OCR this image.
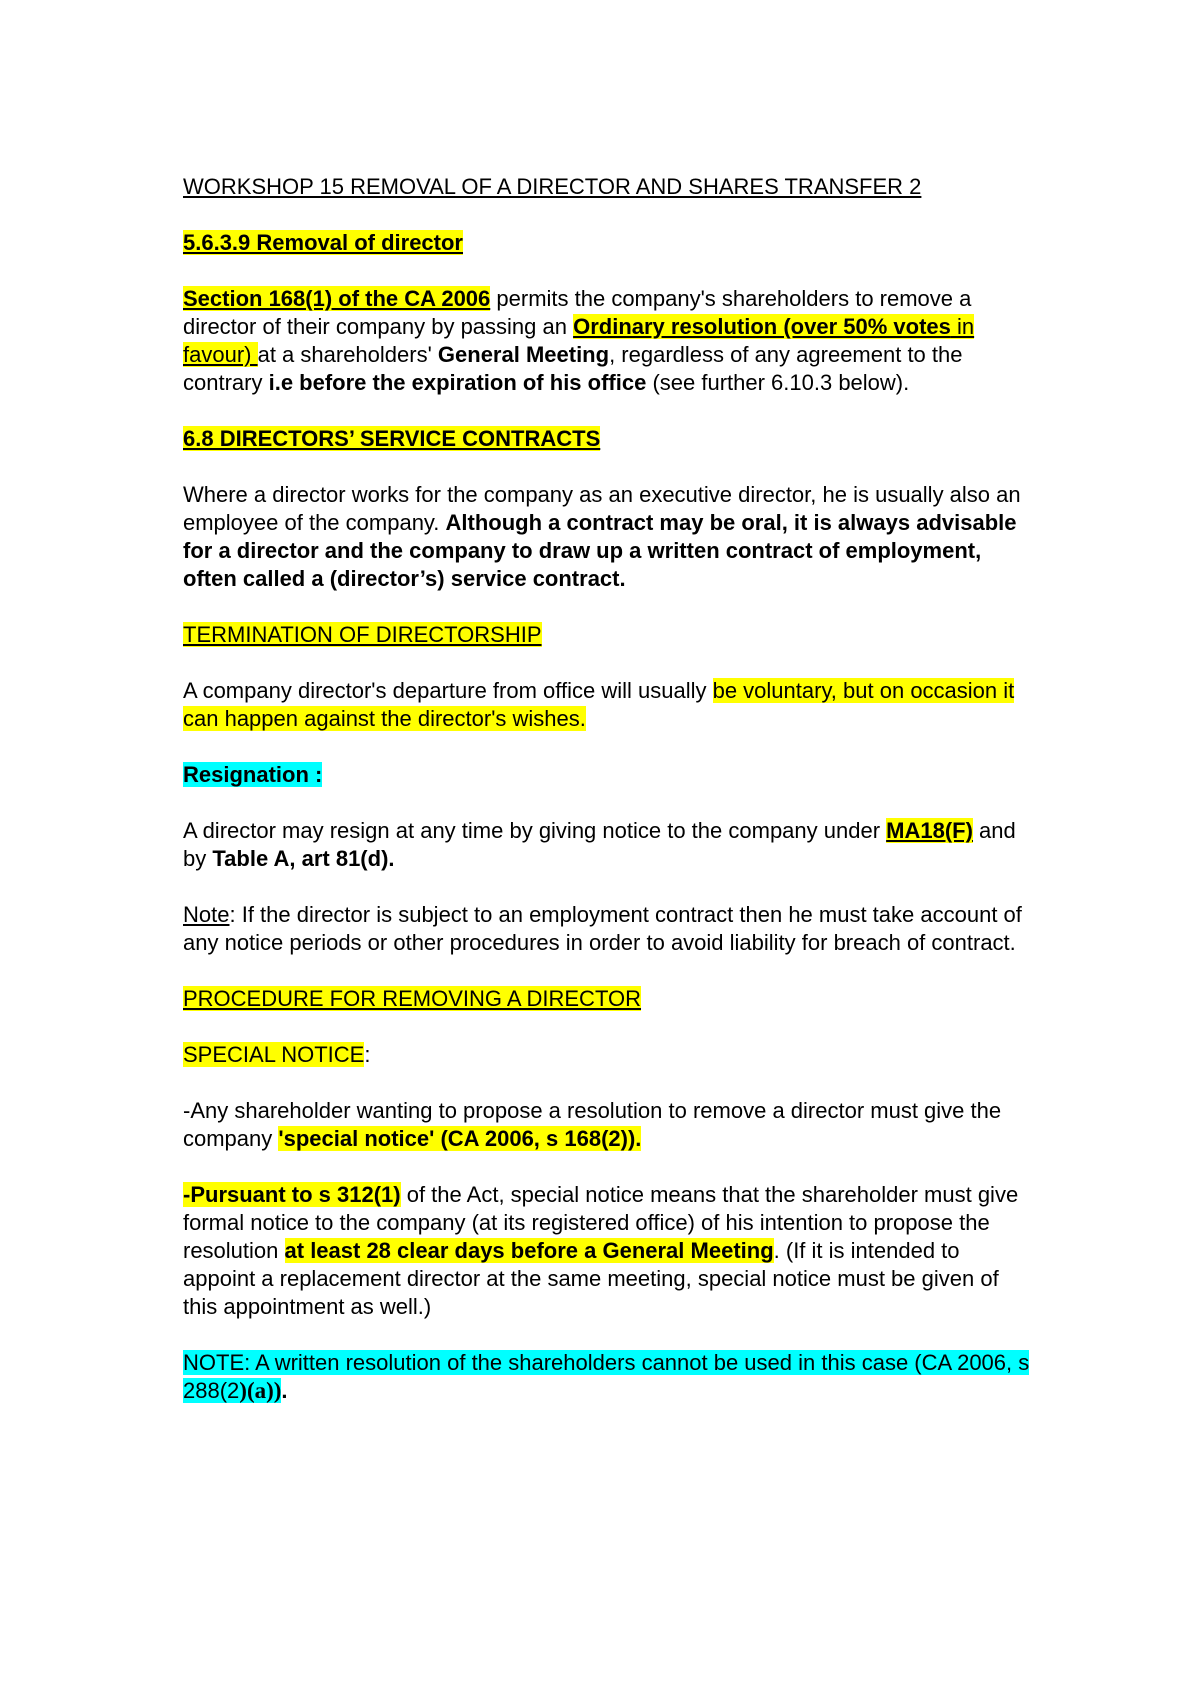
WORKSHOP 15 REMOVAL OF A DIRECTOR AND SHARES TRANSFER 2

5.6.3.9 Removal of director

Section 168(1) of the CA 2006 permits the company's shareholders to remove a director of their company by passing an Ordinary resolution (over 50% votes in favour) at a shareholders' General Meeting, regardless of any agreement to the contrary i.e before the expiration of his office (see further 6.10.3 below).

6.8 DIRECTORS’ SERVICE CONTRACTS

Where a director works for the company as an executive director, he is usually also an employee of the company. Although a contract may be oral, it is always advisable for a director and the company to draw up a written contract of employment, often called a (director’s) service contract.

TERMINATION OF DIRECTORSHIP

A company director's departure from office will usually be voluntary, but on occasion it can happen against the director's wishes.

Resignation :

A director may resign at any time by giving notice to the company under MA18(F) and by Table A, art 81(d).

Note: If the director is subject to an employment contract then he must take account of any notice periods or other procedures in order to avoid liability for breach of contract.

PROCEDURE FOR REMOVING A DIRECTOR

SPECIAL NOTICE:

-Any shareholder wanting to propose a resolution to remove a director must give the company 'special notice' (CA 2006, s 168(2)).

-Pursuant to s 312(1) of the Act, special notice means that the shareholder must give formal notice to the company (at its registered office) of his intention to propose the resolution at least 28 clear days before a General Meeting. (If it is intended to appoint a replacement director at the same meeting, special notice must be given of this appointment as well.)

NOTE: A written resolution of the shareholders cannot be used in this case (CA 2006, s 288(2)(a)).
